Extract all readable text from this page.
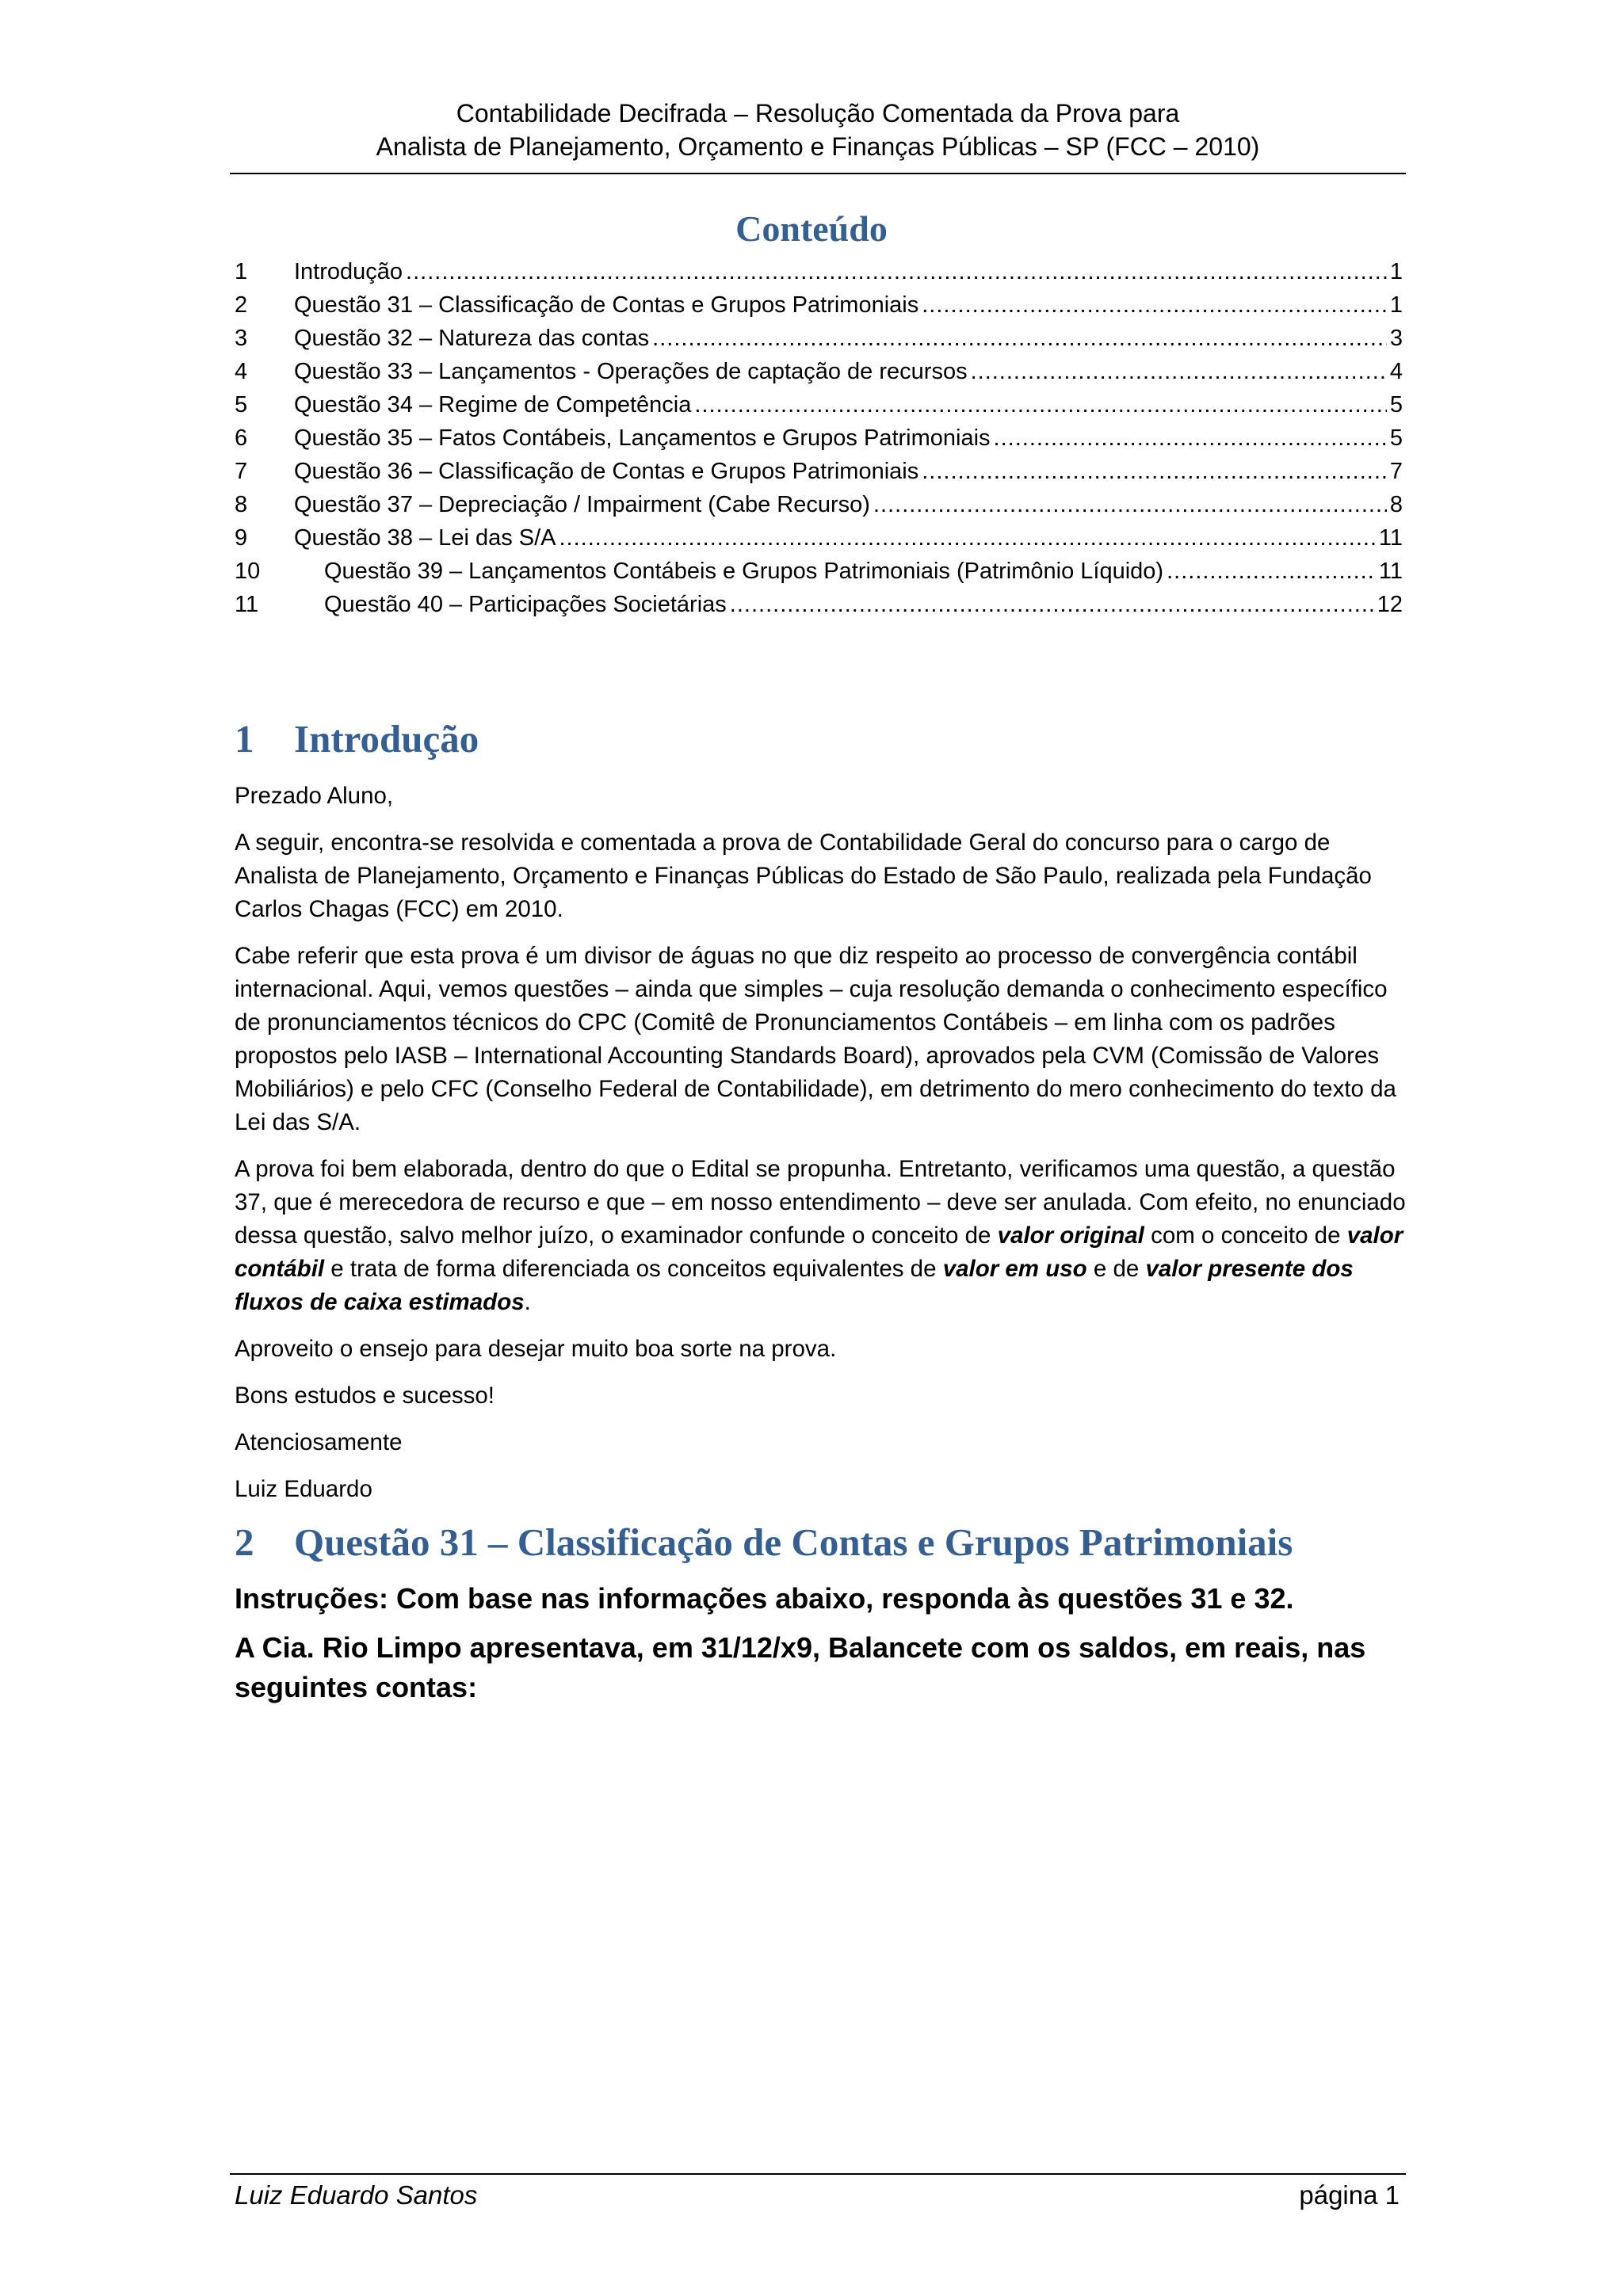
Contabilidade Decifrada – Resolução Comentada da Prova para
Analista de Planejamento, Orçamento e Finanças Públicas – SP (FCC – 2010)
Conteúdo
1	Introdução .....	1
2	Questão 31 – Classificação de Contas e Grupos Patrimoniais .....	1
3	Questão 32 – Natureza das contas .....	3
4	Questão 33 – Lançamentos - Operações de captação de recursos .....	4
5	Questão 34 – Regime de Competência .....	5
6	Questão 35 – Fatos Contábeis, Lançamentos e Grupos Patrimoniais .....	5
7	Questão 36 – Classificação de Contas e Grupos Patrimoniais .....	7
8	Questão 37 – Depreciação / Impairment (Cabe Recurso) .....	8
9	Questão 38 – Lei das S/A .....	11
10	Questão 39 – Lançamentos Contábeis e Grupos Patrimoniais (Patrimônio Líquido) .....	11
11	Questão 40 – Participações Societárias .....	12
1 Introdução

Prezado Aluno,

A seguir, encontra-se resolvida e comentada a prova de Contabilidade Geral do concurso para o cargo de Analista de Planejamento, Orçamento e Finanças Públicas do Estado de São Paulo, realizada pela Fundação Carlos Chagas (FCC) em 2010.

Cabe referir que esta prova é um divisor de águas no que diz respeito ao processo de convergência contábil internacional. Aqui, vemos questões – ainda que simples – cuja resolução demanda o conhecimento específico de pronunciamentos técnicos do CPC (Comitê de Pronunciamentos Contábeis – em linha com os padrões propostos pelo IASB – International Accounting Standards Board), aprovados pela CVM (Comissão de Valores Mobiliários) e pelo CFC (Conselho Federal de Contabilidade), em detrimento do mero conhecimento do texto da Lei das S/A.

A prova foi bem elaborada, dentro do que o Edital se propunha. Entretanto, verificamos uma questão, a questão 37, que é merecedora de recurso e que – em nosso entendimento – deve ser anulada. Com efeito, no enunciado dessa questão, salvo melhor juízo, o examinador confunde o conceito de valor original com o conceito de valor contábil e trata de forma diferenciada os conceitos equivalentes de valor em uso e de valor presente dos fluxos de caixa estimados.

Aproveito o ensejo para desejar muito boa sorte na prova.

Bons estudos e sucesso!

Atenciosamente

Luiz Eduardo

2 Questão 31 – Classificação de Contas e Grupos Patrimoniais

Instruções: Com base nas informações abaixo, responda às questões 31 e 32.

A Cia. Rio Limpo apresentava, em 31/12/x9, Balancete com os saldos, em reais, nas seguintes contas:

Luiz Eduardo Santos	página 1
